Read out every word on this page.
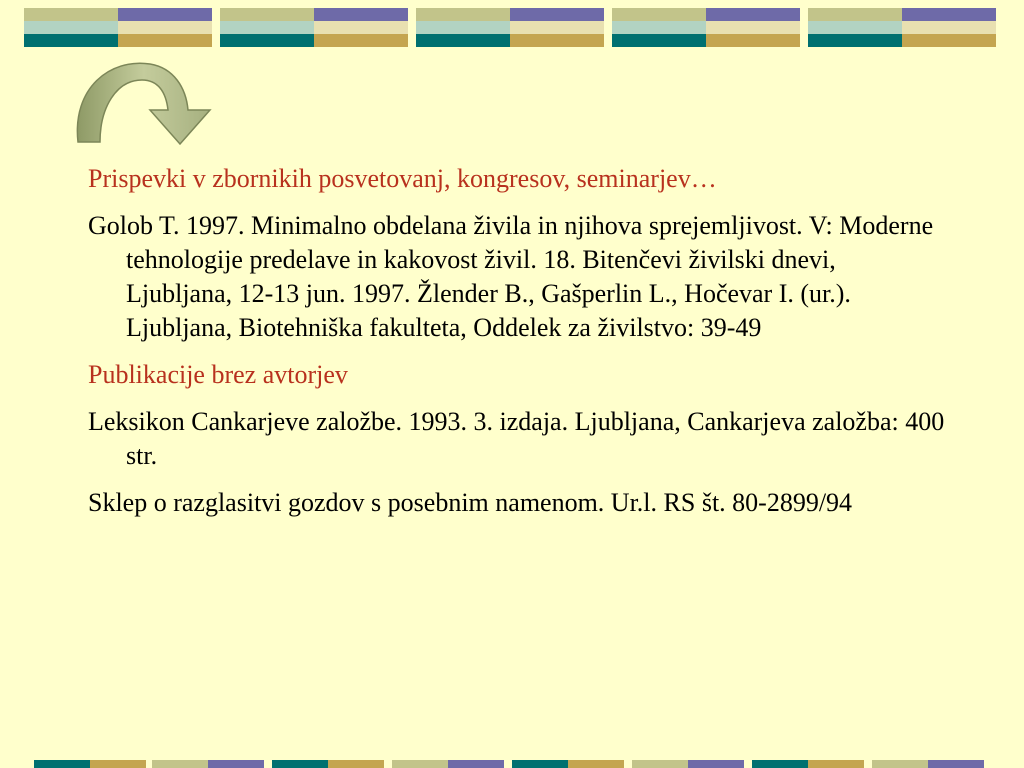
Prispevki v zbornikih posvetovanj, kongresov, seminarjev…

Golob T. 1997. Minimalno obdelana živila in njihova sprejemljivost. V: Moderne tehnologije predelave in kakovost živil. 18. Bitenčevi živilski dnevi, Ljubljana, 12-13 jun. 1997. Žlender B., Gašperlin L., Hočevar I. (ur.). Ljubljana, Biotehniška fakulteta, Oddelek za živilstvo: 39-49

Publikacije brez avtorjev

Leksikon Cankarjeve založbe. 1993. 3. izdaja. Ljubljana, Cankarjeva založba: 400 str.

Sklep o razglasitvi gozdov s posebnim namenom. Ur.l. RS št. 80-2899/94
